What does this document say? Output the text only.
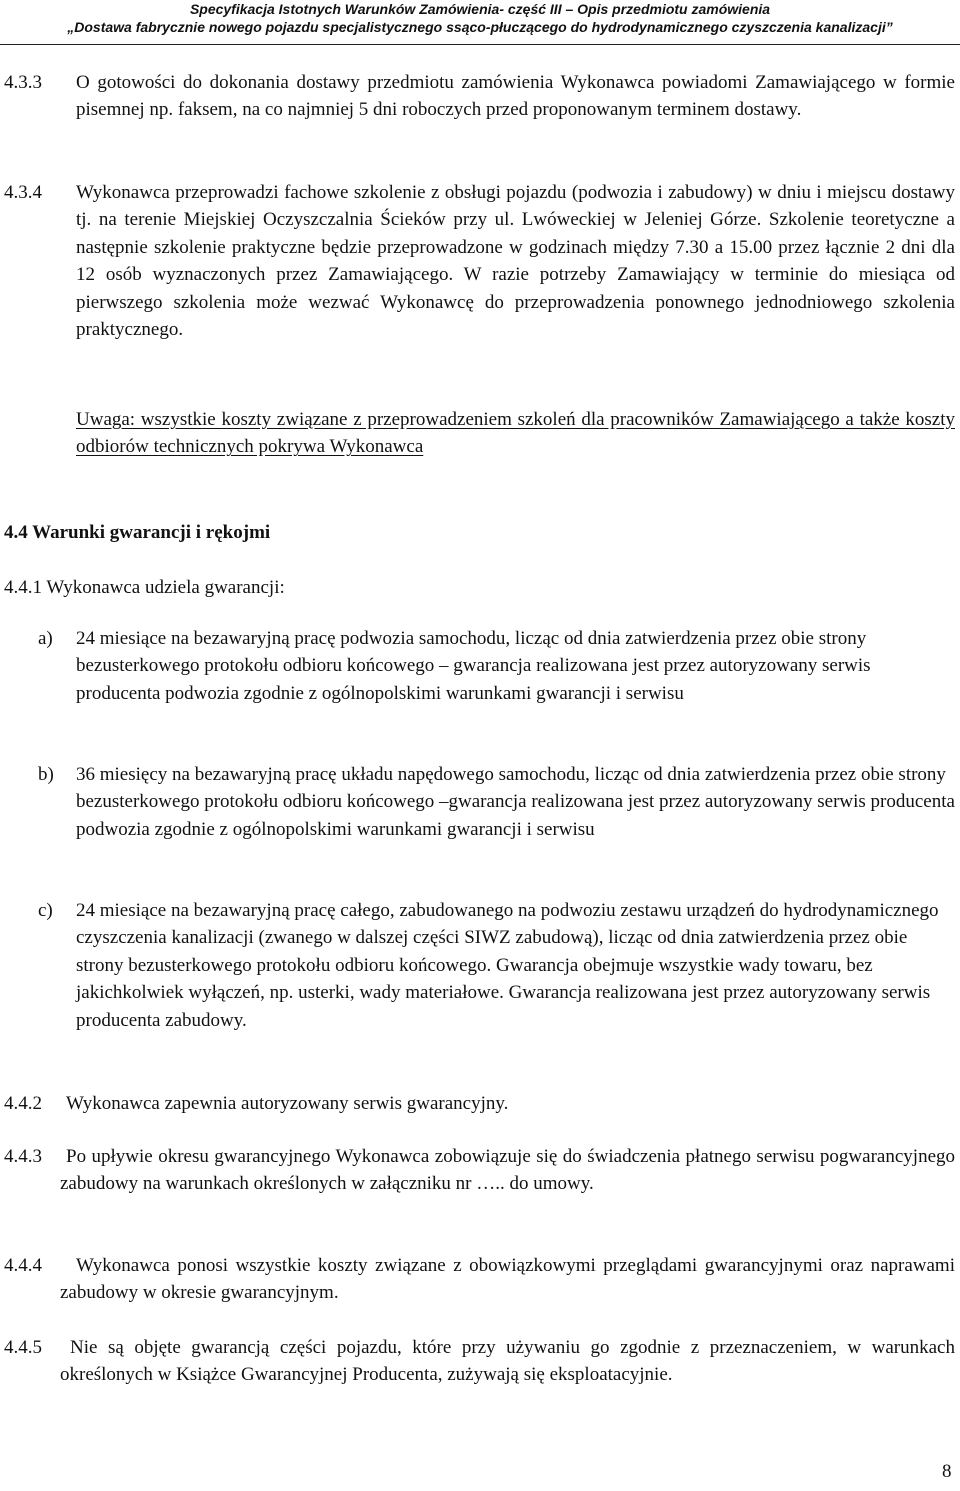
Specyfikacja Istotnych Warunków Zamówienia- część III – Opis przedmiotu zamówienia
„Dostawa fabrycznie nowego pojazdu specjalistycznego ssąco-płuczącego do hydrodynamicznego czyszczenia kanalizacji”
4.3.3 O gotowości do dokonania dostawy przedmiotu zamówienia Wykonawca powiadomi Zamawiającego w formie pisemnej np. faksem, na co najmniej 5 dni roboczych przed proponowanym terminem dostawy.

4.3.4 Wykonawca przeprowadzi fachowe szkolenie z obsługi pojazdu (podwozia i zabudowy) w dniu i miejscu dostawy tj. na terenie Miejskiej Oczyszczalnia Ścieków przy ul. Lwóweckiej w Jeleniej Górze. Szkolenie teoretyczne a następnie szkolenie praktyczne będzie przeprowadzone w godzinach między 7.30 a 15.00 przez łącznie 2 dni dla 12 osób wyznaczonych przez Zamawiającego. W razie potrzeby Zamawiający w terminie do miesiąca od pierwszego szkolenia może wezwać Wykonawcę do przeprowadzenia ponownego jednodniowego szkolenia praktycznego.

Uwaga: wszystkie koszty związane z przeprowadzeniem szkoleń dla pracowników Zamawiającego a także koszty odbiorów technicznych pokrywa Wykonawca

4.4 Warunki gwarancji i rękojmi
4.4.1 Wykonawca udziela gwarancji:
a) 24 miesiące na bezawaryjną pracę podwozia samochodu, licząc od dnia zatwierdzenia przez obie strony bezusterkowego protokołu odbioru końcowego – gwarancja realizowana jest przez autoryzowany serwis producenta podwozia zgodnie z ogólnopolskimi warunkami gwarancji i serwisu

b) 36 miesięcy na bezawaryjną pracę układu napędowego samochodu, licząc od dnia zatwierdzenia przez obie strony bezusterkowego protokołu odbioru końcowego –gwarancja realizowana jest przez autoryzowany serwis producenta podwozia zgodnie z ogólnopolskimi warunkami gwarancji i serwisu

c) 24 miesiące na bezawaryjną pracę całego, zabudowanego na podwoziu zestawu urządzeń do hydrodynamicznego czyszczenia kanalizacji (zwanego w dalszej części SIWZ zabudową), licząc od dnia zatwierdzenia przez obie strony bezusterkowego protokołu odbioru końcowego. Gwarancja obejmuje wszystkie wady towaru, bez jakichkolwiek wyłączeń, np. usterki, wady materiałowe. Gwarancja realizowana jest przez autoryzowany serwis producenta zabudowy.

4.4.2 Wykonawca zapewnia autoryzowany serwis gwarancyjny.

4.4.3	Po upływie okresu gwarancyjnego Wykonawca zobowiązuje się do świadczenia płatnego serwisu pogwarancyjnego zabudowy na warunkach określonych w załączniku nr ….. do umowy.

4.4.4	Wykonawca ponosi wszystkie koszty związane z obowiązkowymi przeglądami gwarancyjnymi oraz naprawami zabudowy w okresie gwarancyjnym.

4.4.5	Nie są objęte gwarancją części pojazdu, które przy używaniu go zgodnie z przeznaczeniem, w warunkach określonych w Książce Gwarancyjnej Producenta, zużywają się eksploatacyjnie.

8
